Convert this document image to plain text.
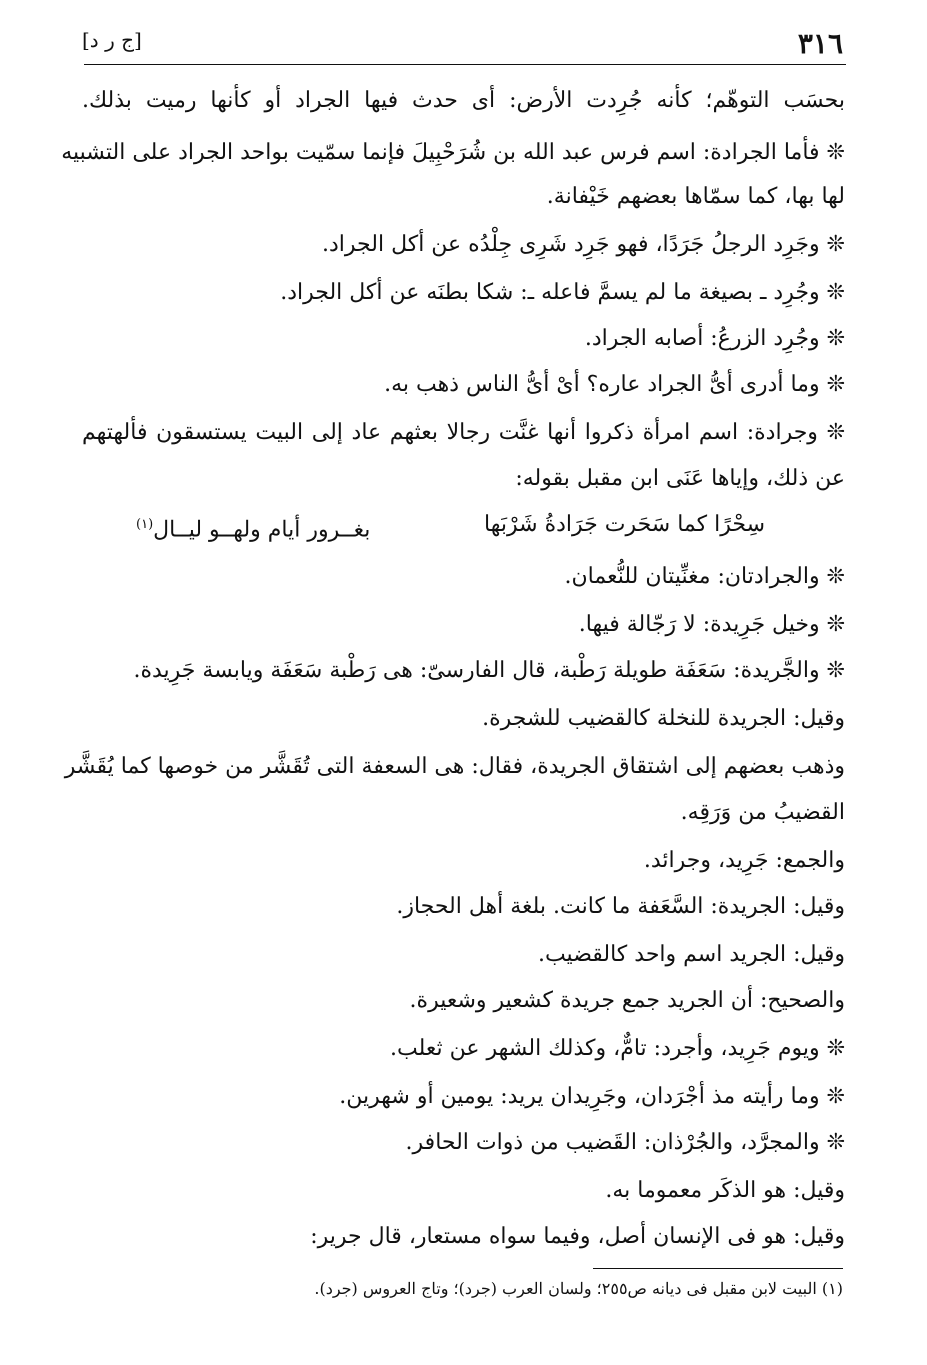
٣١٦
[ج ر د]
بحسَب التوهّم؛ كأنه جُرِدت الأرض: أى حدث فيها الجراد أو كأنها رميت بذلك.
❊ فأما الجرادة: اسم فرس عبد الله بن شُرَحْبِيلَ فإنما سمّيت بواحد الجراد على التشبيه
لها بها، كما سمّاها بعضهم خَيْفانة.
❊ وجَرِد الرجلُ جَرَدًا، فهو جَرِد شَرِى جِلْدُه عن أكل الجراد.
❊ وجُرِد ـ بصيغة ما لم يسمَّ فاعله ـ: شكا بطنَه عن أكل الجراد.
❊ وجُرِد الزرعُ: أصابه الجراد.
❊ وما أدرى أىُّ الجراد عاره؟ أىْ أىُّ الناس ذهب به.
❊ وجرادة: اسم امرأة ذكروا أنها غنَّت رجالا بعثهم عاد إلى البيت يستسقون فألهتهم
عن ذلك، وإياها عَنَى ابن مقبل بقوله:
سِحْرًا كما سَحَرت جَرَادةُ شَرْبَها
بغــرور أيام ولهــو ليــال$^{(١)}$
❊ والجرادتان: مغنِّيتان للنُّعمان.
❊ وخيل جَرِيدة: لا رَجّالة فيها.
❊ والجَّريدة: سَعَفَة طويلة رَطْبة، قال الفارسىّ: هى رَطْبة سَعَفَة ويابسة جَرِيدة.
وقيل: الجريدة للنخلة كالقضيب للشجرة.
وذهب بعضهم إلى اشتقاق الجريدة، فقال: هى السعفة التى تُقَشَّر من خوصها كما يُقَشَّر
القضيبُ من وَرَقِه.
والجمع: جَرِيد، وجرائد.
وقيل: الجريدة: السَّعَفة ما كانت. بلغة أهل الحجاز.
وقيل: الجريد اسم واحد كالقضيب.
والصحيح: أن الجريد جمع جريدة كشعير وشعيرة.
❊ ويوم جَرِيد، وأجرد: تامٌّ، وكذلك الشهر عن ثعلب.
❊ وما رأيته مذ أجْرَدان، وجَرِيدان يريد: يومين أو شهرين.
❊ والمجرَّد، والجُرْذان: القَضيب من ذوات الحافر.
وقيل: هو الذكَر معموما به.
وقيل: هو فى الإنسان أصل، وفيما سواه مستعار، قال جرير:
(١) البيت لابن مقبل فى ديانه ص٢٥٥؛ ولسان العرب (جرد)؛ وتاج العروس (جرد).
